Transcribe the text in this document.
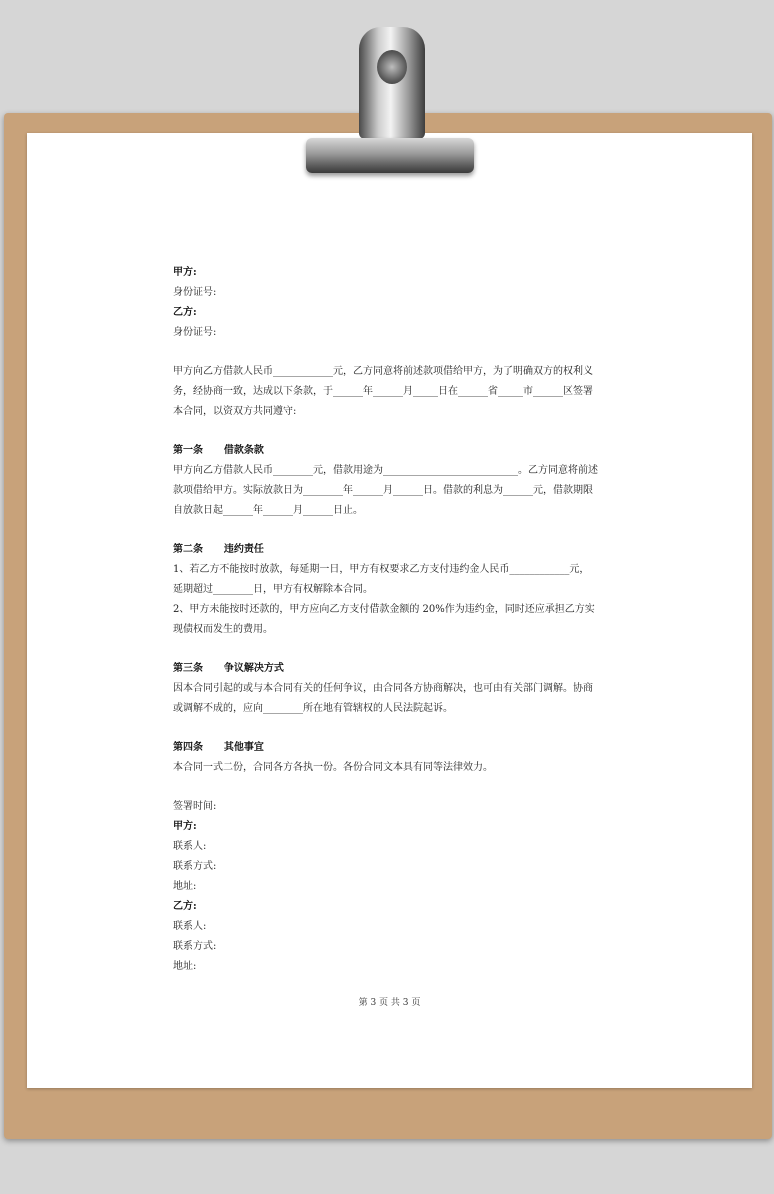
甲方:

身份证号:

乙方:

身份证号:

甲方向乙方借款人民币____________元，乙方同意将前述款项借给甲方，为了明确双方的权利义

务，经协商一致，达成以下条款，于______年______月_____日在______省_____市______区签署

本合同，以资双方共同遵守:

第一条      借款条款

甲方向乙方借款人民币________元，借款用途为___________________________。乙方同意将前述

款项借给甲方。实际放款日为________年______月______日。借款的利息为______元，借款期限

自放款日起______年______月______日止。

第二条      违约责任

1、若乙方不能按时放款，每延期一日，甲方有权要求乙方支付违约金人民币____________元，

延期超过________日，甲方有权解除本合同。

2、甲方未能按时还款的，甲方应向乙方支付借款金额的 20%作为违约金，同时还应承担乙方实

现债权而发生的费用。

第三条      争议解决方式

因本合同引起的或与本合同有关的任何争议，由合同各方协商解决，也可由有关部门调解。协商

或调解不成的，应向________所在地有管辖权的人民法院起诉。

第四条      其他事宜

本合同一式二份，合同各方各执一份。各份合同文本具有同等法律效力。

签署时间:

甲方:

联系人:

联系方式:

地址:

乙方:

联系人:

联系方式:

地址:

第 3 页 共 3 页
